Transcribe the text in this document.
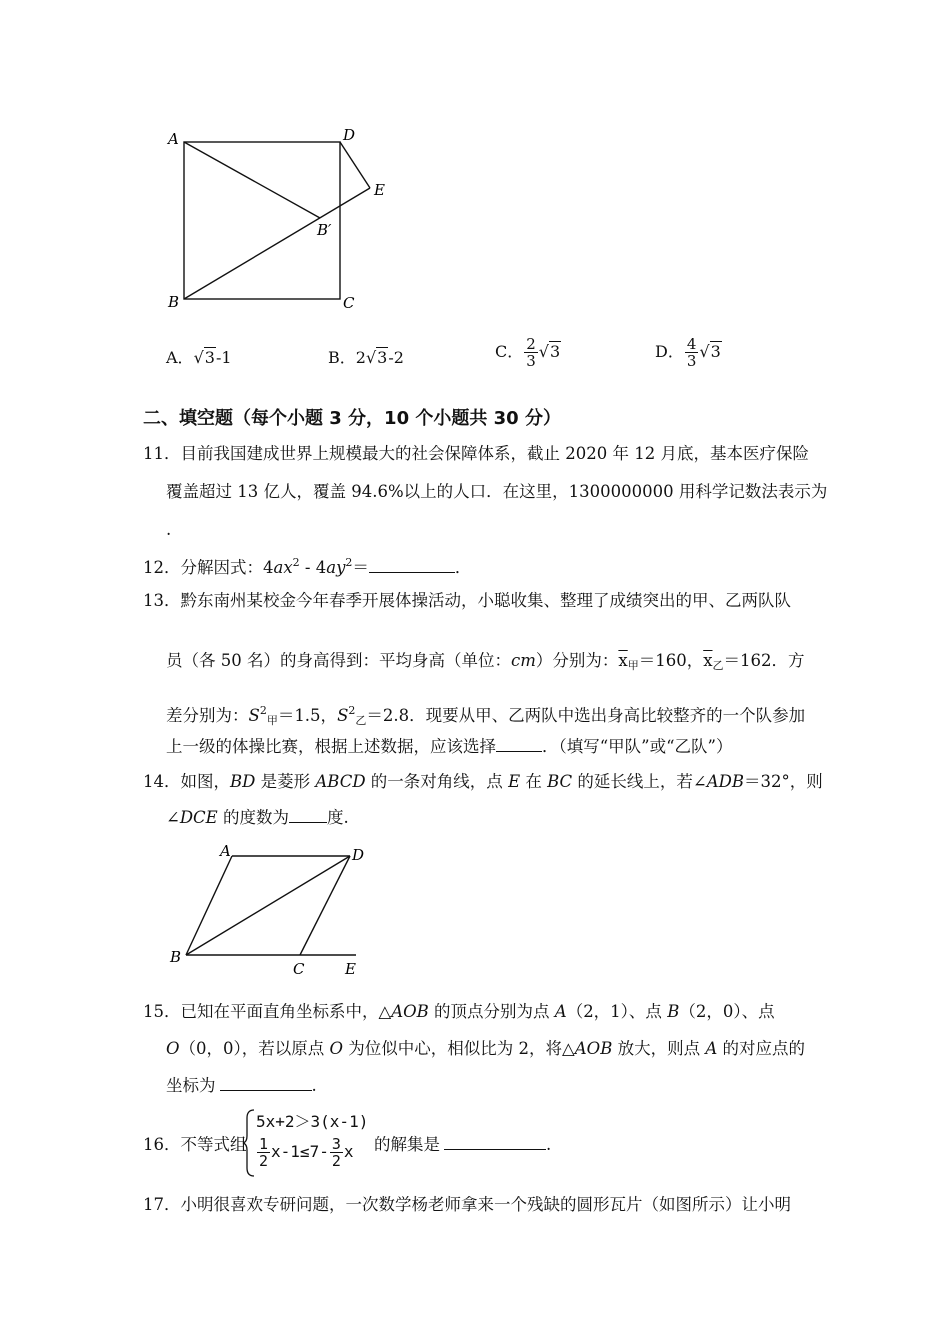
A	D
E
B′
B	C
A．√3-1	B．2√3-2	C． $\frac{2}{3} √3$	D． $\frac{4}{3} √3$
二、填空题（每个小题 3 分，10 个小题共 30 分）
11．目前我国建成世界上规模最大的社会保障体系，截止 2020 年 12 月底，基本医疗保险
覆盖超过 13 亿人，覆盖 94.6%以上的人口．在这里，1300000000 用科学记数法表示为
.
12．分解因式：$4ax^2 - 4ay^2=$	．
13．黔东南州某校金今年春季开展体操活动，小聪收集、整理了成绩突出的甲、乙两队队
员（各 50 名）的身高得到：平均身高（单位：cm）分别为：$\overline{x}_甲=160$，$\overline{x}_乙=162$．方
差分别为：$S^2_甲=1.5$，$S^2_乙=2.8$．现要从甲、乙两队中选出身高比较整齐的一个队参加
上一级的体操比赛，根据上述数据，应该选择	．（填写“甲队”或“乙队”）
14．如图，BD 是菱形 ABCD 的一条对角线，点 E 在 BC 的延长线上，若∠ADB＝32°，则
∠DCE 的度数为 度.
A	D
B
C	E
15．已知在平面直角坐标系中，△AOB 的顶点分别为点 A（2，1）、点 B（2，0）、点
O（0，0），若以原点 O 为位似中心，相似比为 2，将△AOB 放大，则点 A 的对应点的
坐标为	.
16．不等式组
5x+2＞3(x-1)
$\frac{1}{2} x-1\le 7- \frac{3}{2}$ x 的解集是	.
17．小明很喜欢专研问题，一次数学杨老师拿来一个残缺的圆形瓦片（如图所示）让小明
